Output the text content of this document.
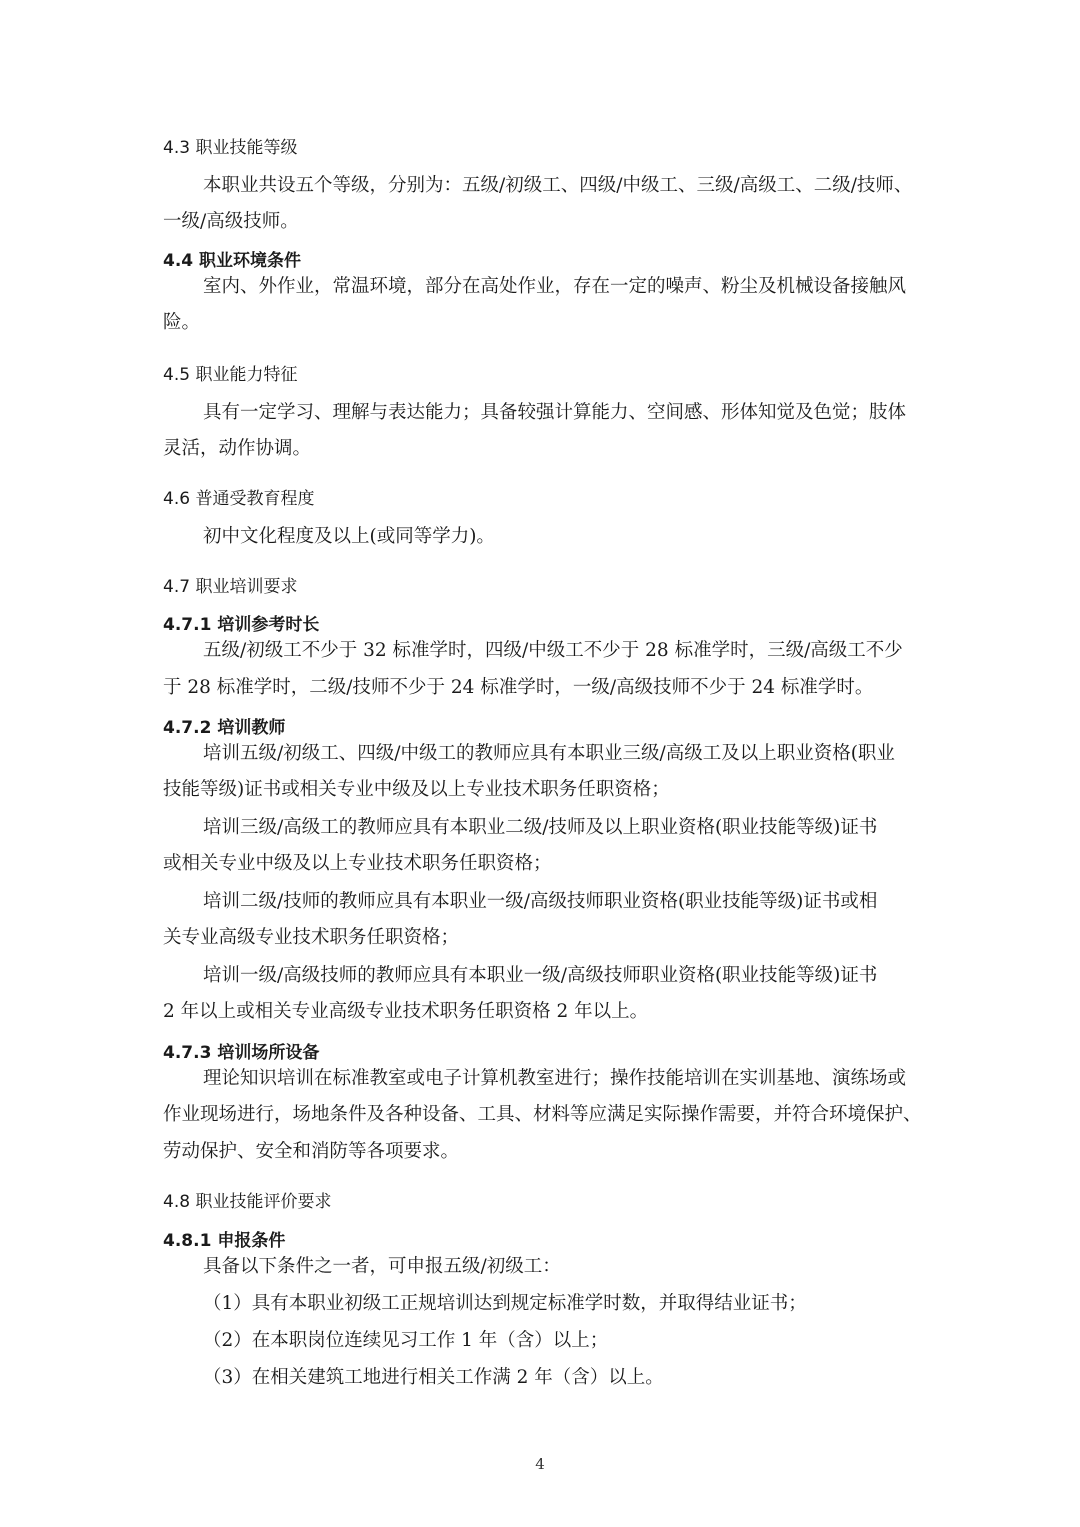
4.3 职业技能等级
本职业共设五个等级，分别为：五级/初级工、四级/中级工、三级/高级工、二级/技师、
一级/高级技师。
4.4 职业环境条件
室内、外作业，常温环境，部分在高处作业，存在一定的噪声、粉尘及机械设备接触风
险。
4.5 职业能力特征
具有一定学习、理解与表达能力；具备较强计算能力、空间感、形体知觉及色觉；肢体
灵活，动作协调。
4.6 普通受教育程度
初中文化程度及以上(或同等学力)。
4.7 职业培训要求
4.7.1 培训参考时长
五级/初级工不少于 32 标准学时，四级/中级工不少于 28 标准学时，三级/高级工不少
于 28 标准学时，二级/技师不少于 24 标准学时，一级/高级技师不少于 24 标准学时。
4.7.2 培训教师
培训五级/初级工、四级/中级工的教师应具有本职业三级/高级工及以上职业资格(职业
技能等级)证书或相关专业中级及以上专业技术职务任职资格；
培训三级/高级工的教师应具有本职业二级/技师及以上职业资格(职业技能等级)证书
或相关专业中级及以上专业技术职务任职资格；
培训二级/技师的教师应具有本职业一级/高级技师职业资格(职业技能等级)证书或相
关专业高级专业技术职务任职资格；
培训一级/高级技师的教师应具有本职业一级/高级技师职业资格(职业技能等级)证书
2 年以上或相关专业高级专业技术职务任职资格 2 年以上。
4.7.3 培训场所设备
理论知识培训在标准教室或电子计算机教室进行；操作技能培训在实训基地、演练场或
作业现场进行，场地条件及各种设备、工具、材料等应满足实际操作需要，并符合环境保护、
劳动保护、安全和消防等各项要求。
4.8 职业技能评价要求
4.8.1 申报条件
具备以下条件之一者，可申报五级/初级工：
（1）具有本职业初级工正规培训达到规定标准学时数，并取得结业证书；
（2）在本职岗位连续见习工作 1 年（含）以上；
（3）在相关建筑工地进行相关工作满 2 年（含）以上。
4
